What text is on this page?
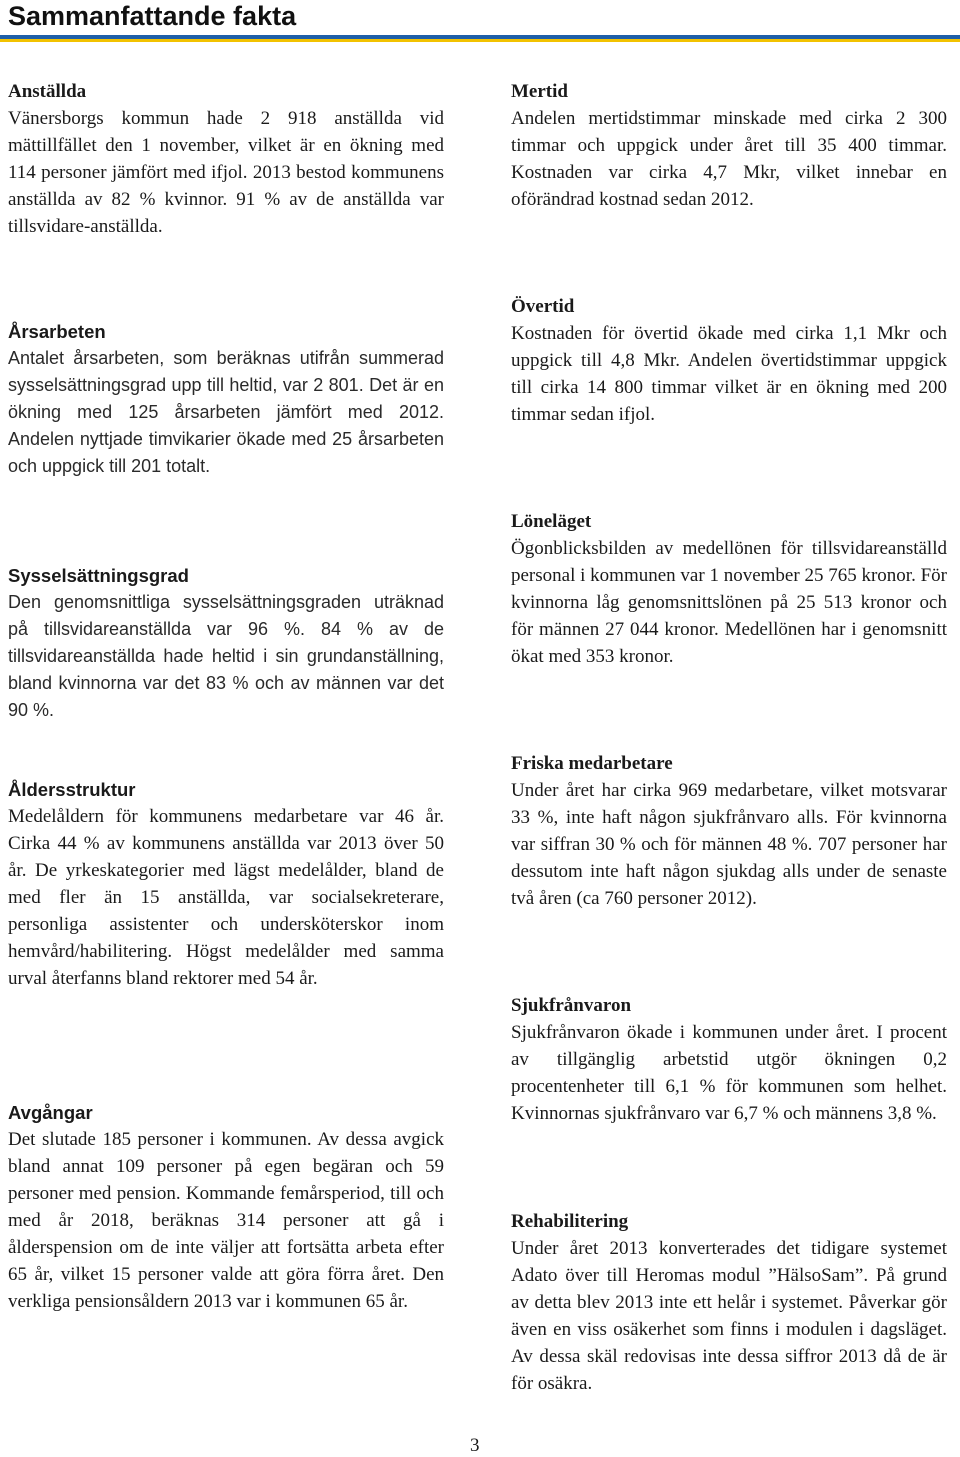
Sammanfattande fakta
Anställda

Vänersborgs kommun hade 2 918 anställda vid mättillfället den 1 november, vilket är en ökning med 114 personer jämfört med ifjol. 2013 bestod kommunens anställda av 82 % kvinnor. 91 % av de anställda var tillsvidare-anställda.

Årsarbeten

Antalet årsarbeten, som beräknas utifrån summerad sysselsättningsgrad upp till heltid, var 2 801. Det är en ökning med 125 årsarbeten jämfört med 2012. Andelen nyttjade timvikarier ökade med 25 årsarbeten och uppgick till 201 totalt.

Sysselsättningsgrad

Den genomsnittliga sysselsättningsgraden uträknad på tillsvidareanställda var 96 %. 84 % av de tillsvidareanställda hade heltid i sin grundanställning, bland kvinnorna var det 83 % och av männen var det 90 %.

Åldersstruktur

Medelåldern för kommunens medarbetare var 46 år. Cirka 44 % av kommunens anställda var 2013 över 50 år. De yrkeskategorier med lägst medelålder, bland de med fler än 15 anställda, var socialsekreterare, personliga assistenter och undersköterskor inom hemvård/habilitering. Högst medelålder med samma urval återfanns bland rektorer med 54 år.

Avgångar

Det slutade 185 personer i kommunen. Av dessa avgick bland annat 109 personer på egen begäran och 59 personer med pension. Kommande femårsperiod, till och med år 2018, beräknas 314 personer att gå i ålderspension om de inte väljer att fortsätta arbeta efter 65 år, vilket 15 personer valde att göra förra året. Den verkliga pensionsåldern 2013 var i kommunen 65 år.

Mertid

Andelen mertidstimmar minskade med cirka 2 300 timmar och uppgick under året till 35 400 timmar. Kostnaden var cirka 4,7 Mkr, vilket innebar en oförändrad kostnad sedan 2012.

Övertid

Kostnaden för övertid ökade med cirka 1,1 Mkr och uppgick till 4,8 Mkr. Andelen övertidstimmar uppgick till cirka 14 800 timmar vilket är en ökning med 200 timmar sedan ifjol.

Löneläget

Ögonblicksbilden av medellönen för tillsvidareanställd personal i kommunen var 1 november 25 765 kronor. För kvinnorna låg genomsnittslönen på 25 513 kronor och för männen 27 044 kronor. Medellönen har i genomsnitt ökat med 353 kronor.

Friska medarbetare

Under året har cirka 969 medarbetare, vilket motsvarar 33 %, inte haft någon sjukfrånvaro alls. För kvinnorna var siffran 30 % och för männen 48 %. 707 personer har dessutom inte haft någon sjukdag alls under de senaste två åren (ca 760 personer 2012).

Sjukfrånvaron

Sjukfrånvaron ökade i kommunen under året. I procent av tillgänglig arbetstid utgör ökningen 0,2 procentenheter till 6,1 % för kommunen som helhet. Kvinnornas sjukfrånvaro var 6,7 % och männens 3,8 %.

Rehabilitering

Under året 2013 konverterades det tidigare systemet Adato över till Heromas modul ”HälsoSam”. På grund av detta blev 2013 inte ett helår i systemet. Påverkar gör även en viss osäkerhet som finns i modulen i dagsläget. Av dessa skäl redovisas inte dessa siffror 2013 då de är för osäkra.

3
